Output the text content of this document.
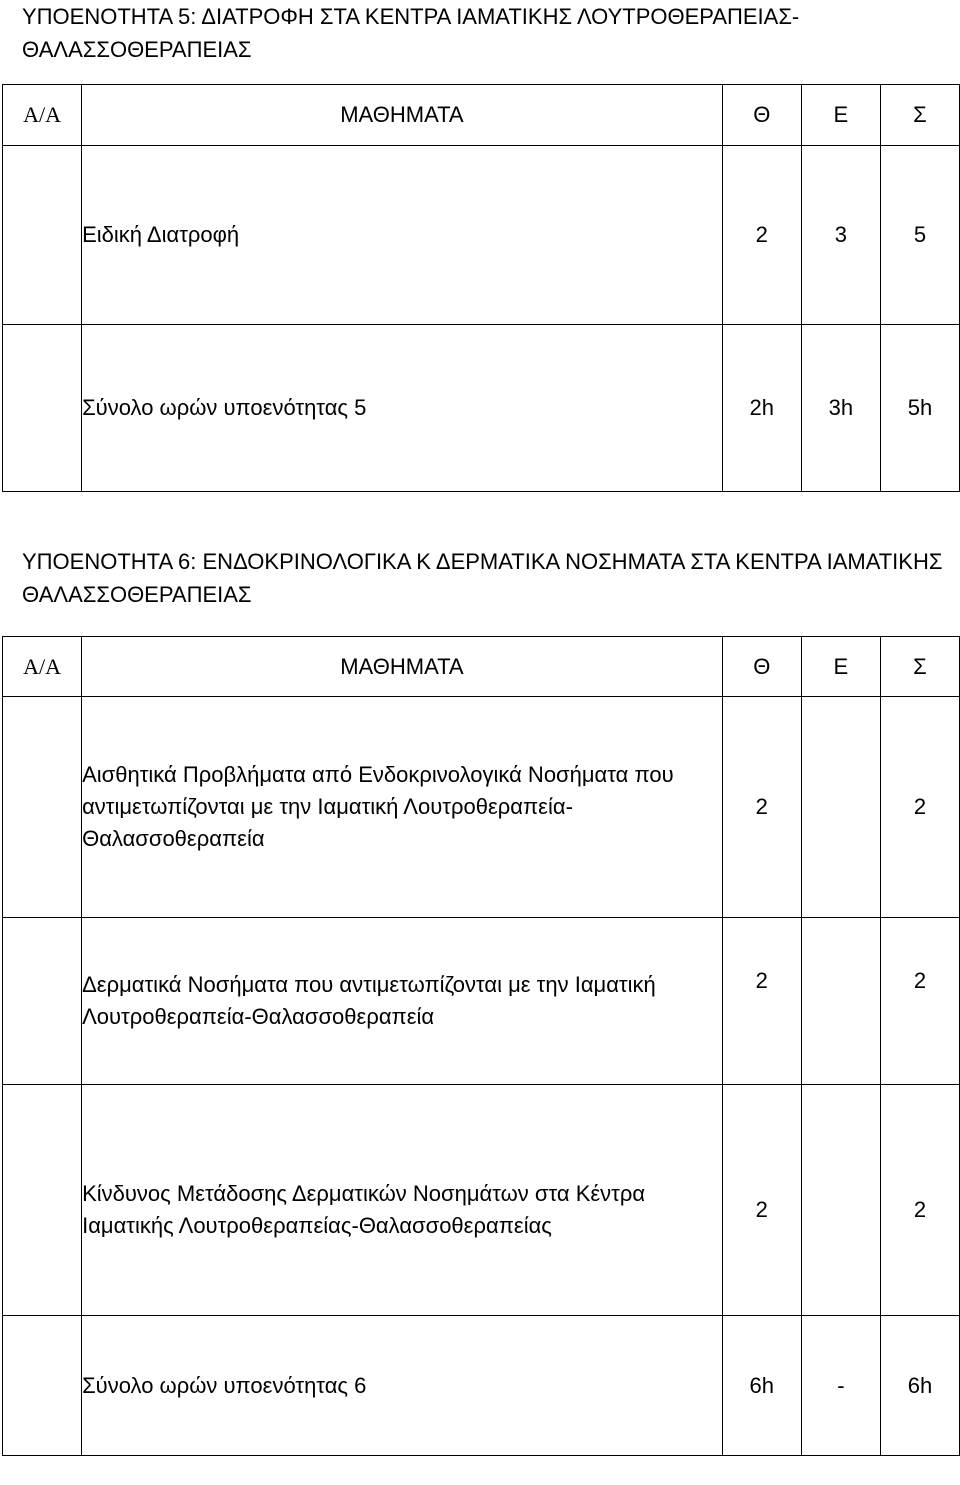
ΥΠΟΕΝΟΤΗΤΑ 5: ΔΙΑΤΡΟΦΗ ΣΤΑ ΚΕΝΤΡΑ ΙΑΜΑΤΙΚΗΣ ΛΟΥΤΡΟΘΕΡΑΠΕΙΑΣ-ΘΑΛΑΣΣΟΘΕΡΑΠΕΙΑΣ
Α/Α	ΜΑΘΗΜΑΤΑ	Θ	Ε	Σ
	Ειδική Διατροφή	2	3	5
	Σύνολο ωρών υποενότητας 5	2h	3h	5h
ΥΠΟΕΝΟΤΗΤΑ 6: ΕΝΔΟΚΡΙΝΟΛΟΓΙΚΑ Κ ΔΕΡΜΑΤΙΚΑ ΝΟΣΗΜΑΤΑ ΣΤΑ ΚΕΝΤΡΑ ΙΑΜΑΤΙΚΗΣ ΘΑΛΑΣΣΟΘΕΡΑΠΕΙΑΣ
Α/Α	ΜΑΘΗΜΑΤΑ	Θ	Ε	Σ
	Αισθητικά Προβλήματα από Ενδοκρινολογικά Νοσήματα που αντιμετωπίζονται με την Ιαματική Λουτροθεραπεία-Θαλασσοθεραπεία	2		2
	Δερματικά Νοσήματα που αντιμετωπίζονται με την Ιαματική Λουτροθεραπεία-Θαλασσοθεραπεία	2		2
	Κίνδυνος Μετάδοσης Δερματικών Νοσημάτων στα Κέντρα Ιαματικής Λουτροθεραπείας-Θαλασσοθεραπείας	2		2
	Σύνολο ωρών υποενότητας 6	6h	-	6h
